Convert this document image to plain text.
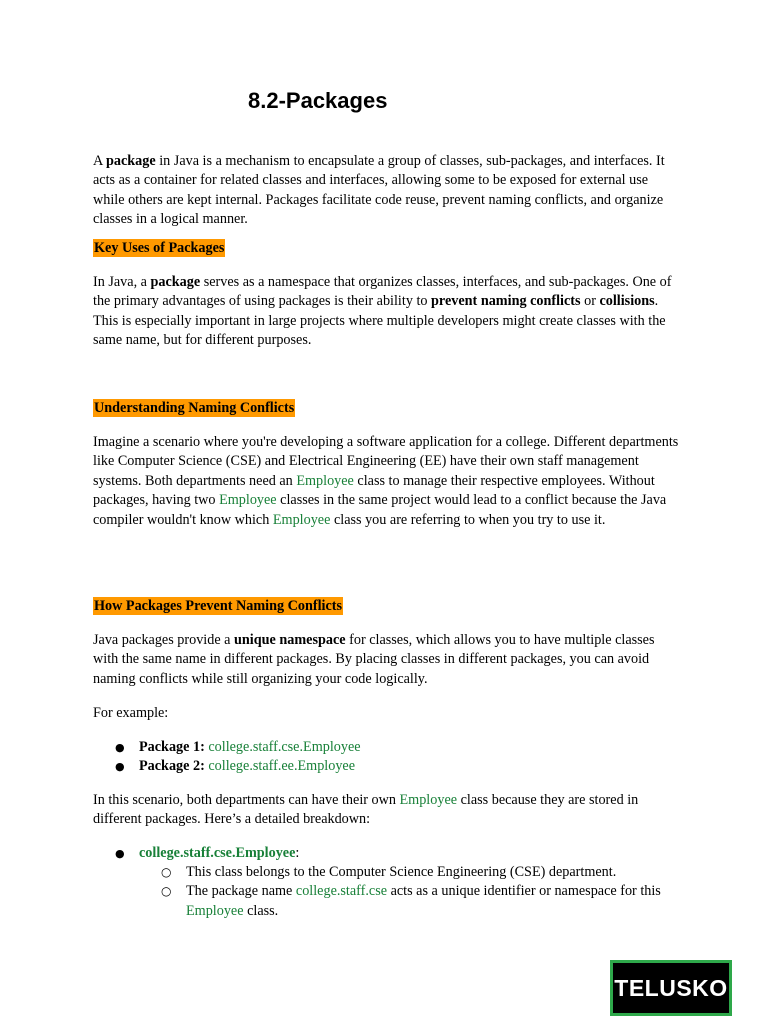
8.2-Packages

A package in Java is a mechanism to encapsulate a group of classes, sub-packages, and interfaces. It acts as a container for related classes and interfaces, allowing some to be exposed for external use while others are kept internal. Packages facilitate code reuse, prevent naming conflicts, and organize classes in a logical manner.

Key Uses of Packages

In Java, a package serves as a namespace that organizes classes, interfaces, and sub-packages. One of the primary advantages of using packages is their ability to prevent naming conflicts or collisions. This is especially important in large projects where multiple developers might create classes with the same name, but for different purposes.

Understanding Naming Conflicts

Imagine a scenario where you're developing a software application for a college. Different departments like Computer Science (CSE) and Electrical Engineering (EE) have their own staff management systems. Both departments need an Employee class to manage their respective employees. Without packages, having two Employee classes in the same project would lead to a conflict because the Java compiler wouldn't know which Employee class you are referring to when you try to use it.

How Packages Prevent Naming Conflicts

Java packages provide a unique namespace for classes, which allows you to have multiple classes with the same name in different packages. By placing classes in different packages, you can avoid naming conflicts while still organizing your code logically.

For example:

● Package 1: college.staff.cse.Employee
● Package 2: college.staff.ee.Employee

In this scenario, both departments can have their own Employee class because they are stored in different packages. Here’s a detailed breakdown:

● college.staff.cse.Employee:
○ This class belongs to the Computer Science Engineering (CSE) department.
○ The package name college.staff.cse acts as a unique identifier or namespace for this Employee class.
TELUSKO
